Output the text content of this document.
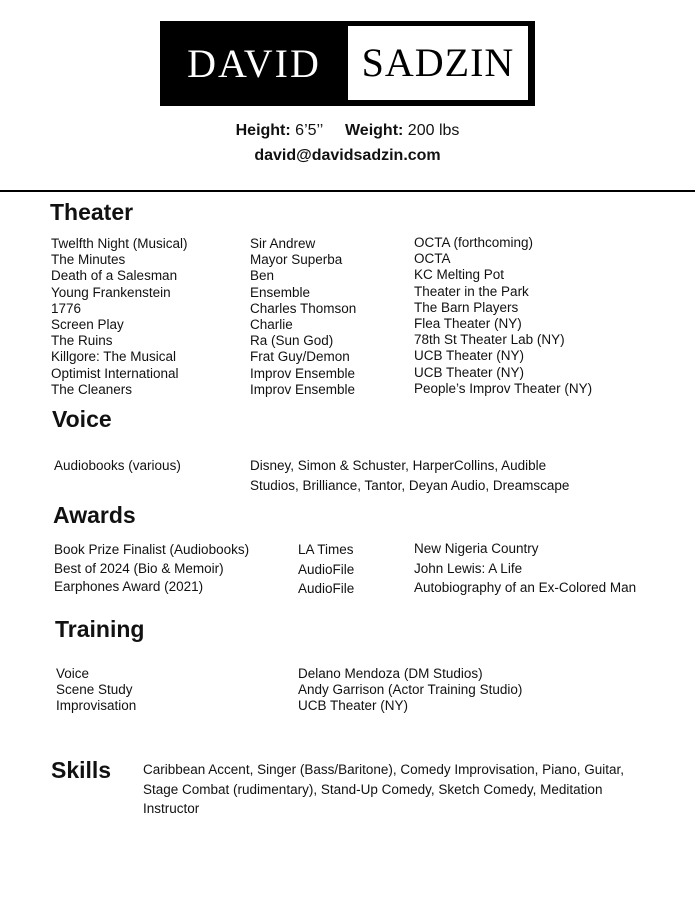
DAVID	SADZIN
Height: 6’5’’ Weight: 200 lbs
david@davidsadzin.com
Theater
Twelfth Night (Musical)
The Minutes
Death of a Salesman
Young Frankenstein
1776
Screen Play
The Ruins
Killgore: The Musical
Optimist International
The Cleaners
Sir Andrew
Mayor Superba
Ben
Ensemble
Charles Thomson
Charlie
Ra (Sun God)
Frat Guy/Demon
Improv Ensemble
Improv Ensemble
OCTA (forthcoming)
OCTA
KC Melting Pot
Theater in the Park
The Barn Players
Flea Theater (NY)
78th St Theater Lab (NY)
UCB Theater (NY)
UCB Theater (NY)
People’s Improv Theater (NY)
Voice
Audiobooks (various)	Disney, Simon & Schuster, HarperCollins, Audible
Studios, Brilliance, Tantor, Deyan Audio, Dreamscape
Awards
Book Prize Finalist (Audiobooks)
Best of 2024 (Bio & Memoir)
Earphones Award (2021)
LA Times
AudioFile
AudioFile
New Nigeria Country
John Lewis: A Life
Autobiography of an Ex-Colored Man
Training
Voice
Scene Study
Improvisation
Delano Mendoza (DM Studios)
Andy Garrison (Actor Training Studio)
UCB Theater (NY)
Skills Caribbean Accent, Singer (Bass/Baritone), Comedy Improvisation, Piano, Guitar, Stage Combat (rudimentary), Stand-Up Comedy, Sketch Comedy, Meditation Instructor
